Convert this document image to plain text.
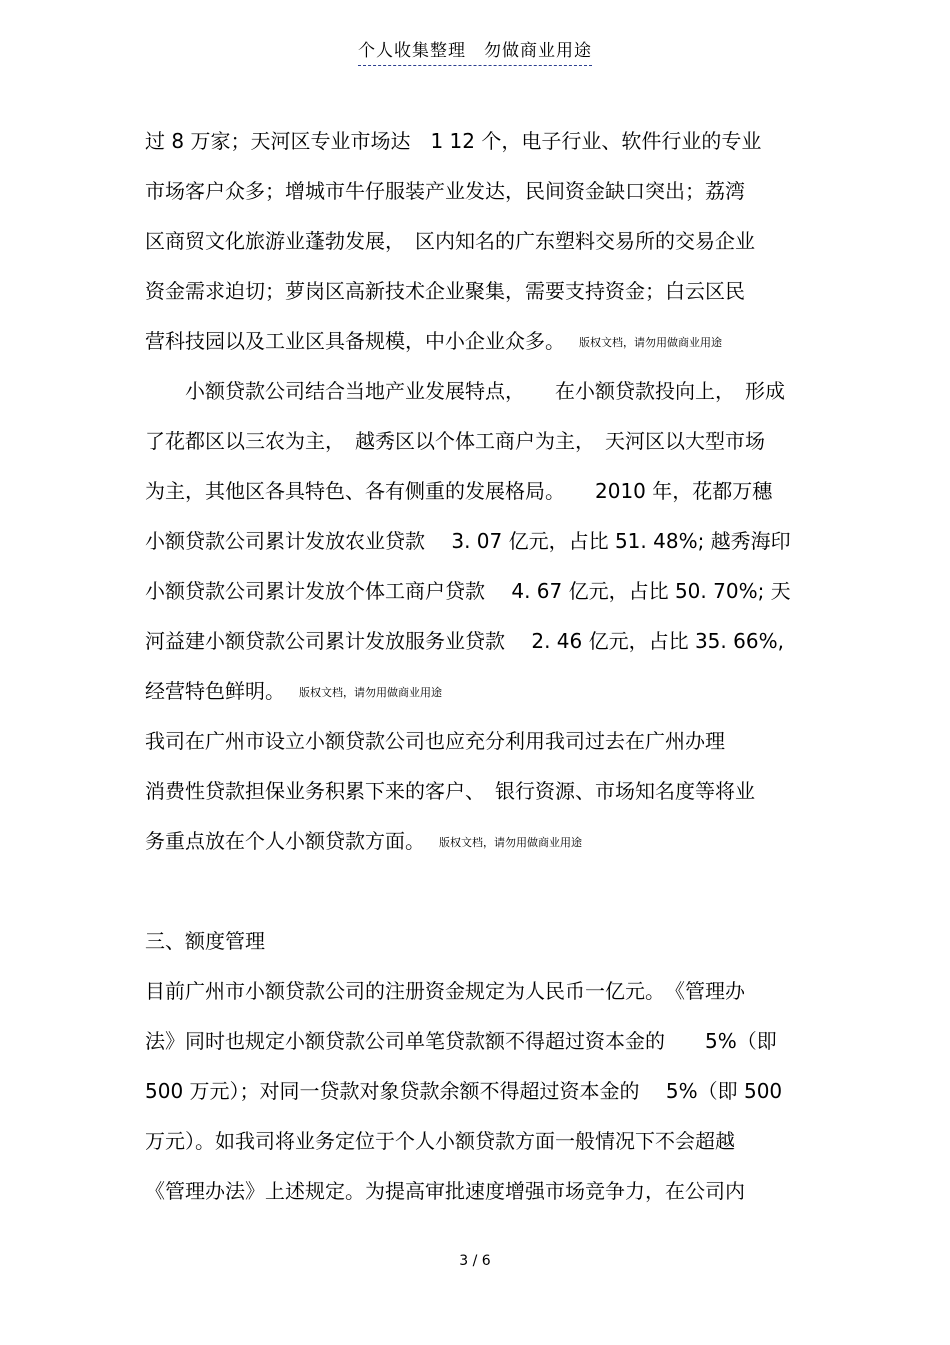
个人收集整理 勿做商业用途
过 8 万家；天河区专业市场达　1 12 个，电子行业、软件行业的专业
市场客户众多；增城市牛仔服装产业发达，民间资金缺口突出；荔湾
区商贸文化旅游业蓬勃发展，　区内知名的广东塑料交易所的交易企业
资金需求迫切；萝岗区高新技术企业聚集，需要支持资金；白云区民
营科技园以及工业区具备规模，中小企业众多。 版权文档，请勿用做商业用途
　　小额贷款公司结合当地产业发展特点，　　在小额贷款投向上，　形成
了花都区以三农为主，　越秀区以个体工商户为主，　天河区以大型市场
为主，其他区各具特色、各有侧重的发展格局。　　2010 年，花都万穗
小额贷款公司累计发放农业贷款　 3. 07 亿元，占比 51. 48%; 越秀海印
小额贷款公司累计发放个体工商户贷款　 4. 67 亿元，占比 50. 70%; 天
河益建小额贷款公司累计发放服务业贷款　 2. 46 亿元，占比 35. 66%,
经营特色鲜明。 版权文档，请勿用做商业用途
我司在广州市设立小额贷款公司也应充分利用我司过去在广州办理
消费性贷款担保业务积累下来的客户、　银行资源、市场知名度等将业
务重点放在个人小额贷款方面。 版权文档，请勿用做商业用途
三、额度管理
目前广州市小额贷款公司的注册资金规定为人民币一亿元。　《管理办
法》同时也规定小额贷款公司单笔贷款额不得超过资本金的　　5%（即
500 万元）；对同一贷款对象贷款余额不得超过资本金的　 5%（即 500
万元）。如我司将业务定位于个人小额贷款方面一般情况下不会超越
《管理办法》上述规定。为提高审批速度增强市场竞争力，在公司内
3 / 6
